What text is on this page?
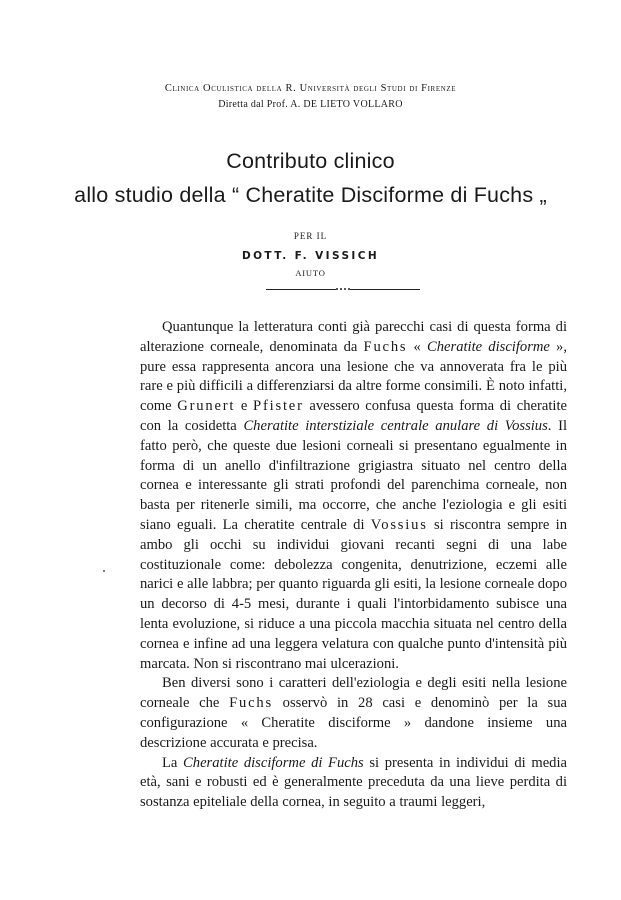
Clinica Oculistica della R. Università degli Studi di Firenze
Diretta dal Prof. A. DE LIETO VOLLARO
Contributo clinico
allo studio della “ Cheratite Disciforme di Fuchs „
PER IL
DOTT. F. VISSICH
AIUTO

Quantunque la letteratura conti già parecchi casi di questa forma di alterazione corneale, denominata da Fuchs « Cheratite disciforme », pure essa rappresenta ancora una lesione che va annoverata fra le più rare e più difficili a differenziarsi da altre forme consimili. È noto infatti, come Grunert e Pfister avessero confusa questa forma di cheratite con la cosidetta Cheratite interstiziale centrale anulare di Vossius. Il fatto però, che queste due lesioni corneali si presentano egualmente in forma di un anello d'infiltrazione grigiastra situato nel centro della cornea e interessante gli strati profondi del parenchima corneale, non basta per ritenerle simili, ma occorre, che anche l'eziologia e gli esiti siano eguali. La cheratite centrale di Vossius si riscontra sempre in ambo gli occhi su individui giovani recanti segni di una labe costituzionale come: debolezza congenita, denutrizione, eczemi alle narici e alle labbra; per quanto riguarda gli esiti, la lesione corneale dopo un decorso di 4-5 mesi, durante i quali l'intorbidamento subisce una lenta evoluzione, si riduce a una piccola macchia situata nel centro della cornea e infine ad una leggera velatura con qualche punto d'intensità più marcata. Non si riscontrano mai ulcerazioni.

Ben diversi sono i caratteri dell'eziologia e degli esiti nella lesione corneale che Fuchs osservò in 28 casi e denominò per la sua configurazione « Cheratite disciforme » dandone insieme una descrizione accurata e precisa.

La Cheratite disciforme di Fuchs si presenta in individui di media età, sani e robusti ed è generalmente preceduta da una lieve perdita di sostanza epiteliale della cornea, in seguito a traumi leggeri,
